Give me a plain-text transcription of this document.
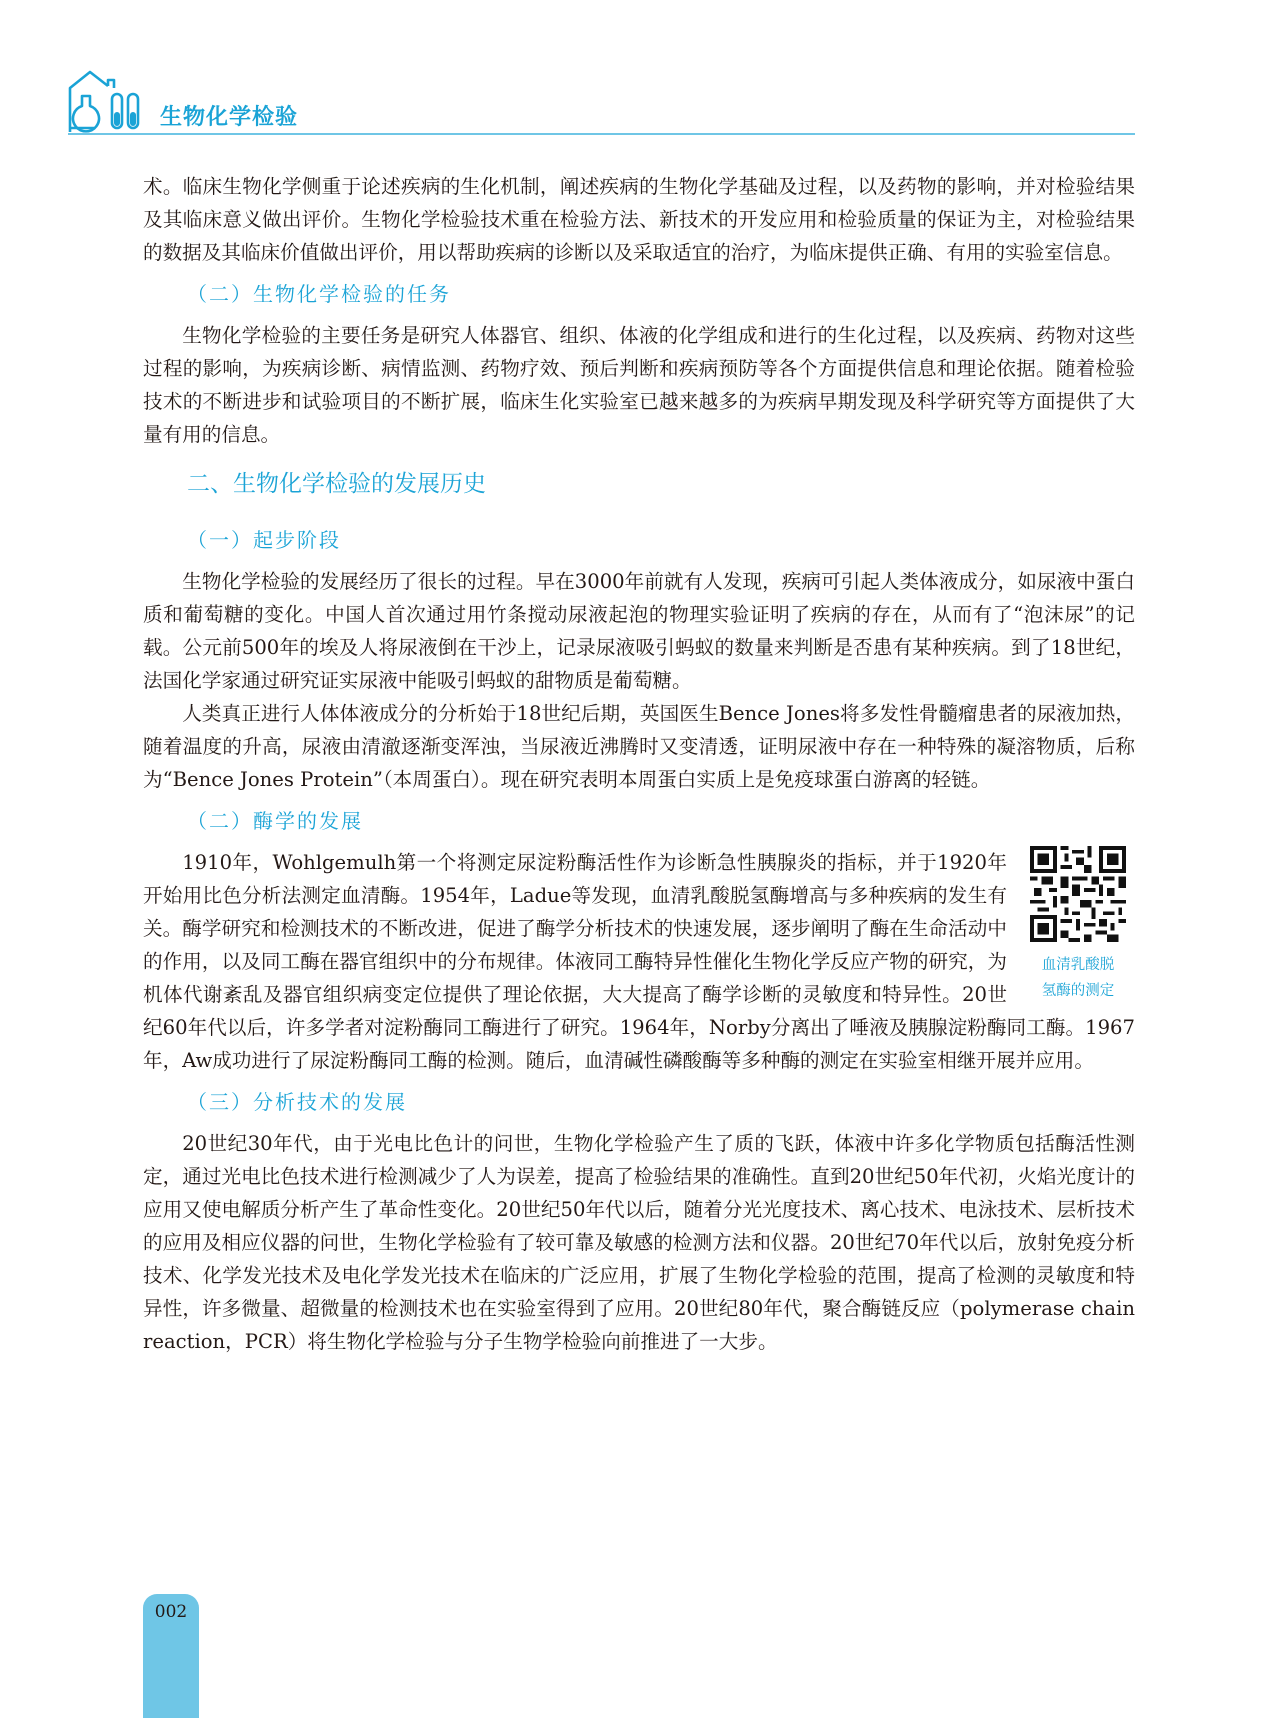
生物化学检验

术。临床生物化学侧重于论述疾病的生化机制，阐述疾病的生物化学基础及过程，以及药物的影响，并对检验结果及其临床意义做出评价。生物化学检验技术重在检验方法、新技术的开发应用和检验质量的保证为主，对检验结果的数据及其临床价值做出评价，用以帮助疾病的诊断以及采取适宜的治疗，为临床提供正确、有用的实验室信息。

（二）生物化学检验的任务

生物化学检验的主要任务是研究人体器官、组织、体液的化学组成和进行的生化过程，以及疾病、药物对这些过程的影响，为疾病诊断、病情监测、药物疗效、预后判断和疾病预防等各个方面提供信息和理论依据。随着检验技术的不断进步和试验项目的不断扩展，临床生化实验室已越来越多的为疾病早期发现及科学研究等方面提供了大量有用的信息。

二、生物化学检验的发展历史
（一）起步阶段

生物化学检验的发展经历了很长的过程。早在3000年前就有人发现，疾病可引起人类体液成分，如尿液中蛋白质和葡萄糖的变化。中国人首次通过用竹条搅动尿液起泡的物理实验证明了疾病的存在，从而有了“泡沫尿”的记载。公元前500年的埃及人将尿液倒在干沙上，记录尿液吸引蚂蚁的数量来判断是否患有某种疾病。到了18世纪，法国化学家通过研究证实尿液中能吸引蚂蚁的甜物质是葡萄糖。

人类真正进行人体体液成分的分析始于18世纪后期，英国医生Bence Jones将多发性骨髓瘤患者的尿液加热，随着温度的升高，尿液由清澈逐渐变浑浊，当尿液近沸腾时又变清透，证明尿液中存在一种特殊的凝溶物质，后称为“Bence Jones Protein”（本周蛋白）。现在研究表明本周蛋白实质上是免疫球蛋白游离的轻链。

（二）酶学的发展
血清乳酸脱
氢酶的测定

1910年，Wohlgemulh第一个将测定尿淀粉酶活性作为诊断急性胰腺炎的指标，并于1920年开始用比色分析法测定血清酶。1954年，Ladue等发现，血清乳酸脱氢酶增高与多种疾病的发生有关。酶学研究和检测技术的不断改进，促进了酶学分析技术的快速发展，逐步阐明了酶在生命活动中的作用，以及同工酶在器官组织中的分布规律。体液同工酶特异性催化生物化学反应产物的研究，为机体代谢紊乱及器官组织病变定位提供了理论依据，大大提高了酶学诊断的灵敏度和特异性。20世纪60年代以后，许多学者对淀粉酶同工酶进行了研究。1964年，Norby分离出了唾液及胰腺淀粉酶同工酶。1967年，Aw成功进行了尿淀粉酶同工酶的检测。随后，血清碱性磷酸酶等多种酶的测定在实验室相继开展并应用。

（三）分析技术的发展

20世纪30年代，由于光电比色计的问世，生物化学检验产生了质的飞跃，体液中许多化学物质包括酶活性测定，通过光电比色技术进行检测减少了人为误差，提高了检验结果的准确性。直到20世纪50年代初，火焰光度计的应用又使电解质分析产生了革命性变化。20世纪50年代以后，随着分光光度技术、离心技术、电泳技术、层析技术的应用及相应仪器的问世，生物化学检验有了较可靠及敏感的检测方法和仪器。20世纪70年代以后，放射免疫分析技术、化学发光技术及电化学发光技术在临床的广泛应用，扩展了生物化学检验的范围，提高了检测的灵敏度和特异性，许多微量、超微量的检测技术也在实验室得到了应用。20世纪80年代，聚合酶链反应（polymerase chain reaction，PCR）将生物化学检验与分子生物学检验向前推进了一大步。

002
